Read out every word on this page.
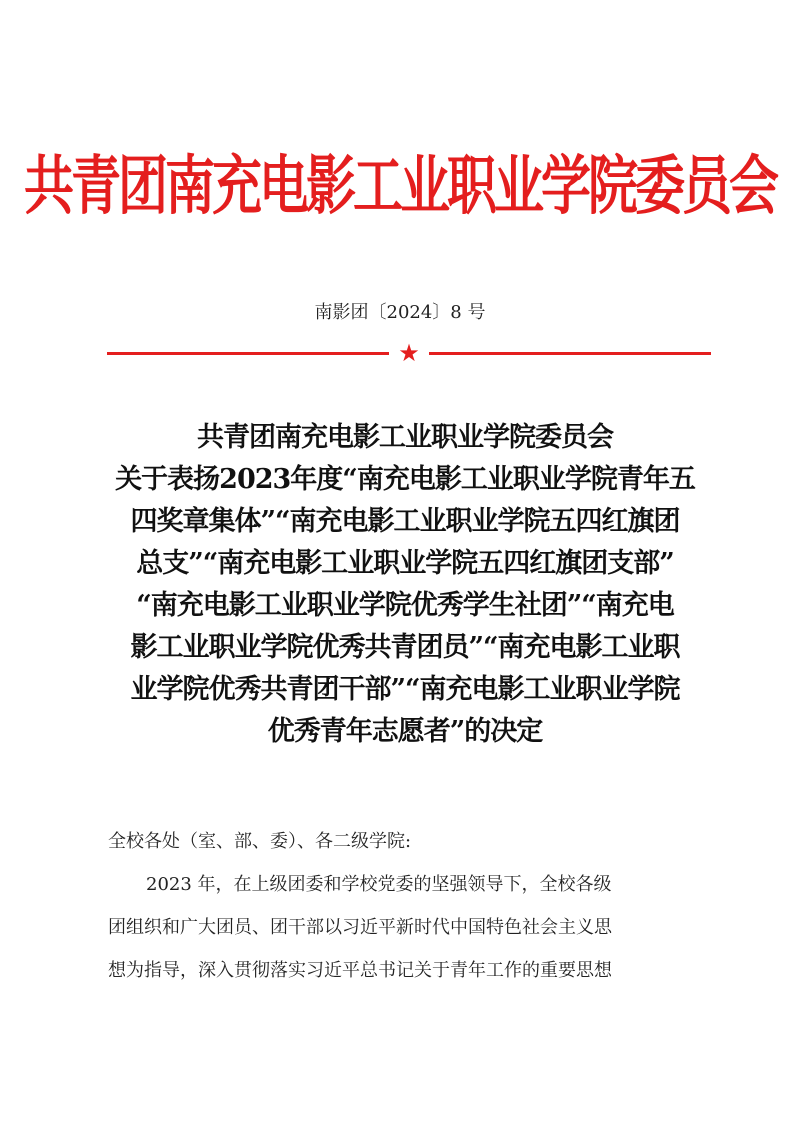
共青团南充电影工业职业学院委员会
南影团〔2024〕8 号
★
共青团南充电影工业职业学院委员会
关于表扬2023年度“南充电影工业职业学院青年五
四奖章集体”“南充电影工业职业学院五四红旗团
总支”“南充电影工业职业学院五四红旗团支部”
“南充电影工业职业学院优秀学生社团”“南充电
影工业职业学院优秀共青团员”“南充电影工业职
业学院优秀共青团干部”“南充电影工业职业学院
优秀青年志愿者”的决定

全校各处（室、部、委）、各二级学院:

2023 年，在上级团委和学校党委的坚强领导下，全校各级
团组织和广大团员、团干部以习近平新时代中国特色社会主义思
想为指导，深入贯彻落实习近平总书记关于青年工作的重要思想
